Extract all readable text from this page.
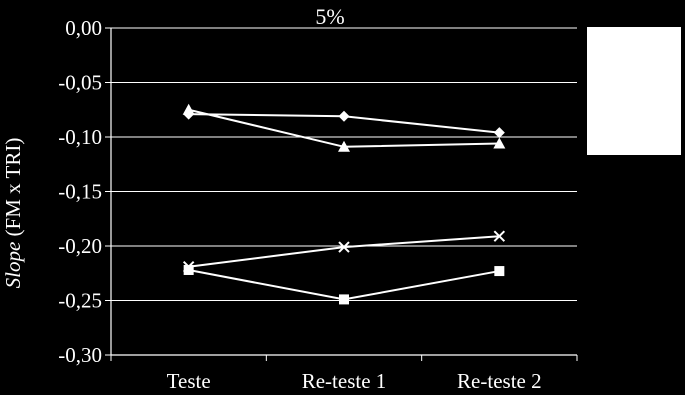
5%
0,00
-0,05
-0,10
-0,15
-0,20
-0,25
-0,30
Teste	Re-teste 1	Re-teste 2
Slope (FM x TRI)
